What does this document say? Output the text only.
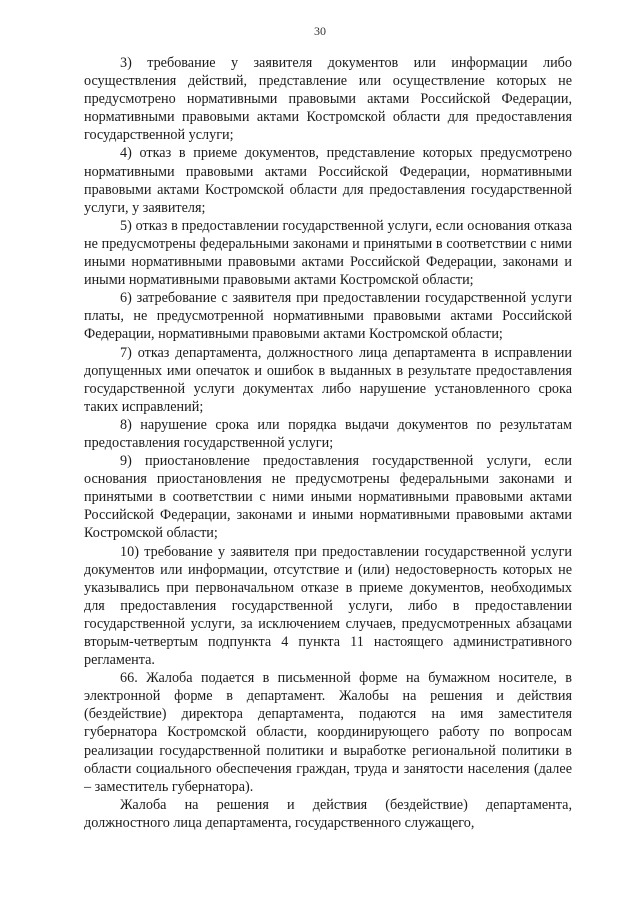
30

3) требование у заявителя документов или информации либо осуществления действий, представление или осуществление которых не предусмотрено нормативными правовыми актами Российской Федерации, нормативными правовыми актами Костромской области для предоставления государственной услуги;

4) отказ в приеме документов, представление которых предусмотрено нормативными правовыми актами Российской Федерации, нормативными правовыми актами Костромской области для предоставления государственной услуги, у заявителя;

5) отказ в предоставлении государственной услуги, если основания отказа не предусмотрены федеральными законами и принятыми в соответствии с ними иными нормативными правовыми актами Российской Федерации, законами и иными нормативными правовыми актами Костромской области;

6) затребование с заявителя при предоставлении государственной услуги платы, не предусмотренной нормативными правовыми актами Российской Федерации, нормативными правовыми актами Костромской области;

7) отказ департамента, должностного лица департамента в исправлении допущенных ими опечаток и ошибок в выданных в результате предоставления государственной услуги документах либо нарушение установленного срока таких исправлений;

8) нарушение срока или порядка выдачи документов по результатам предоставления государственной услуги;

9) приостановление предоставления государственной услуги, если основания приостановления не предусмотрены федеральными законами и принятыми в соответствии с ними иными нормативными правовыми актами Российской Федерации, законами и иными нормативными правовыми актами Костромской области;

10) требование у заявителя при предоставлении государственной услуги документов или информации, отсутствие и (или) недостоверность которых не указывались при первоначальном отказе в приеме документов, необходимых для предоставления государственной услуги, либо в предоставлении государственной услуги, за исключением случаев, предусмотренных абзацами вторым-четвертым подпункта 4 пункта 11 настоящего административного регламента.

66. Жалоба подается в письменной форме на бумажном носителе, в электронной форме в департамент. Жалобы на решения и действия (бездействие) директора департамента, подаются на имя заместителя губернатора Костромской области, координирующего работу по вопросам реализации государственной политики и выработке региональной политики в области социального обеспечения граждан, труда и занятости населения (далее – заместитель губернатора).

Жалоба на решения и действия (бездействие) департамента, должностного лица департамента, государственного служащего,
